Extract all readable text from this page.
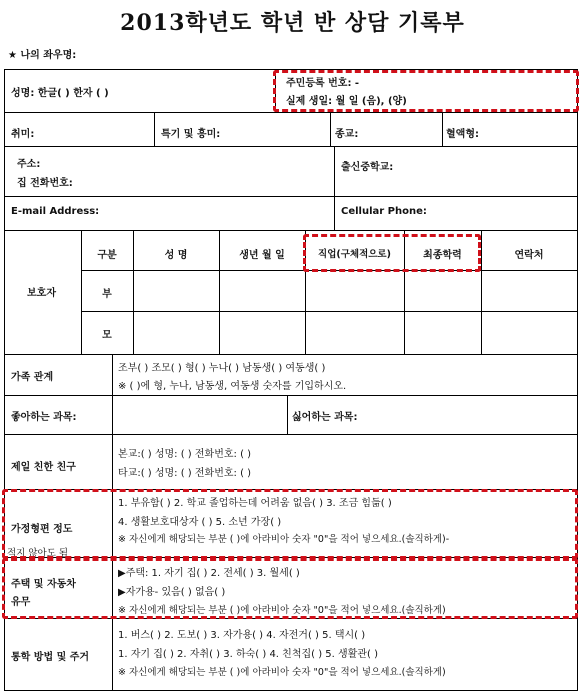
2013학년도 학년 반 상담 기록부
★ 나의 좌우명:
성명: 한글( ) 한자 ( )
주민등록 번호: -
실제 생일: 월 일 (음), (양)
취미:	특기 및 흥미:	종교:	혈액형:
주소:
집 전화번호:
출신중학교:
E-mail Address:	Cellular Phone:
보호자
구분	성 명	생년 월 일	직업(구체적으로)	최종학력	연락처
부
모
가족 관계
조부( ) 조모( ) 형( ) 누나( ) 남동생( ) 여동생( )
※ ( )에 형, 누나, 남동생, 여동생 숫자를 기입하시오.
좋아하는 과목:	싫어하는 과목:
제일 친한 친구
본교:( ) 성명: ( ) 전화번호: ( )
타교:( ) 성명: ( ) 전화번호: ( )
가정형편 정도
1. 부유함( ) 2. 학교 졸업하는데 어려움 없음( ) 3. 조금 힘듦( )
4. 생활보호대상자 ( ) 5. 소년 가장( )
※ 자신에게 해당되는 부분 ( )에 아라비아 숫자 "0"을 적어 넣으세요.(솔직하게)-
적지 않아도 됨
주택 및 자동차
유무
▶주택: 1. 자기 집( ) 2. 전세( ) 3. 월세( )
▶자가용- 있음( ) 없음( )
※ 자신에게 해당되는 부분 ( )에 아라비아 숫자 "0"을 적어 넣으세요.(솔직하게)
통학 방법 및 주거
1. 버스( ) 2. 도보( ) 3. 자가용( ) 4. 자전거( ) 5. 택시( )
1. 자기 집( ) 2. 자취( ) 3. 하숙( ) 4. 친척집( ) 5. 생활관( )
※ 자신에게 해당되는 부분 ( )에 아라비아 숫자 "0"을 적어 넣으세요.(솔직하게)
